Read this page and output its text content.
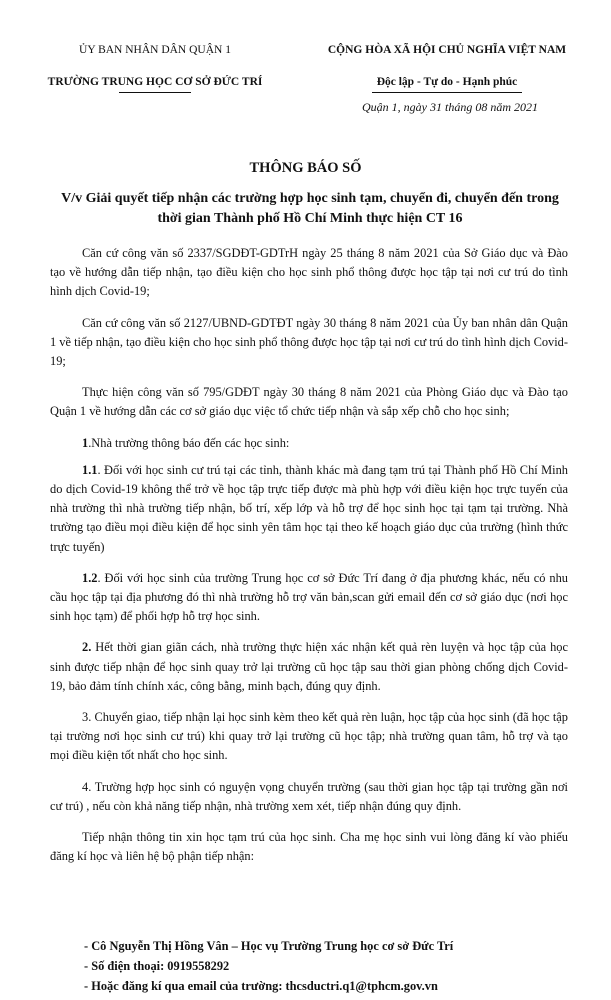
ỦY BAN NHÂN DÂN QUẬN 1
TRƯỜNG TRUNG HỌC CƠ SỞ ĐỨC TRÍ
CỘNG HÒA XÃ HỘI CHỦ NGHĨA VIỆT NAM
Độc lập - Tự do - Hạnh phúc
Quận 1, ngày 31 tháng 08 năm 2021
THÔNG BÁO SỐ
V/v Giải quyết tiếp nhận các trường hợp học sinh tạm, chuyển đi, chuyển đến trong thời gian Thành phố Hồ Chí Minh thực hiện CT 16

Căn cứ công văn số 2337/SGDĐT-GDTrH ngày 25 tháng 8 năm 2021 của Sở Giáo dục và Đào tạo về hướng dẫn tiếp nhận, tạo điều kiện cho học sinh phổ thông được học tập tại nơi cư trú do tình hình dịch Covid-19;

Căn cứ công văn số 2127/UBND-GDTĐT ngày 30 tháng 8 năm 2021 của Ủy ban nhân dân Quận 1 về tiếp nhận, tạo điều kiện cho học sinh phổ thông được học tập tại nơi cư trú do tình hình dịch Covid-19;

Thực hiện công văn số 795/GDĐT ngày 30 tháng 8 năm 2021 của Phòng Giáo dục và Đào tạo Quận 1 về hướng dẫn các cơ sở giáo dục việc tổ chức tiếp nhận và sắp xếp chỗ cho học sinh;

1.Nhà trường thông báo đến các học sinh:

1.1. Đối với học sinh cư trú tại các tỉnh, thành khác mà đang tạm trú tại Thành phố Hồ Chí Minh do dịch Covid-19 không thể trở về học tập trực tiếp được mà phù hợp với điều kiện học trực tuyến của nhà trường thì nhà trường tiếp nhận, bố trí, xếp lớp và hỗ trợ để học sinh học tại tạm tại trường. Nhà trường tạo điều mọi điều kiện để học sinh yên tâm học tại theo kế hoạch giáo dục của trường (hình thức trực tuyến)

1.2. Đối với học sinh của trường Trung học cơ sở Đức Trí đang ở địa phương khác, nếu có nhu cầu học tập tại địa phương đó thì nhà trường hỗ trợ văn bản,scan gửi email đến cơ sở giáo dục (nơi học sinh học tạm) để phối hợp hỗ trợ học sinh.

2. Hết thời gian giãn cách, nhà trường thực hiện xác nhận kết quả rèn luyện và học tập của học sinh được tiếp nhận để học sinh quay trở lại trường cũ học tập sau thời gian phòng chống dịch Covid-19, bảo đảm tính chính xác, công bằng, minh bạch, đúng quy định.

3. Chuyển giao, tiếp nhận lại học sinh kèm theo kết quả rèn luận, học tập của học sinh (đã học tập tại trường nơi học sinh cư trú) khi quay trở lại trường cũ học tập; nhà trường quan tâm, hỗ trợ và tạo mọi điều kiện tốt nhất cho học sinh.

4. Trường hợp học sinh có nguyện vọng chuyển trường (sau thời gian học tập tại trường gần nơi cư trú) , nếu còn khả năng tiếp nhận, nhà trường xem xét, tiếp nhận đúng quy định.

Tiếp nhận thông tin xin học tạm trú của học sinh. Cha mẹ học sinh vui lòng đăng kí vào phiếu đăng kí học và liên hệ bộ phận tiếp nhận:

- Cô Nguyễn Thị Hồng Vân – Học vụ Trường Trung học cơ sở Đức Trí
- Số điện thoại: 0919558292
- Hoặc đăng kí qua email của trường: thcsductri.q1@tphcm.gov.vn
